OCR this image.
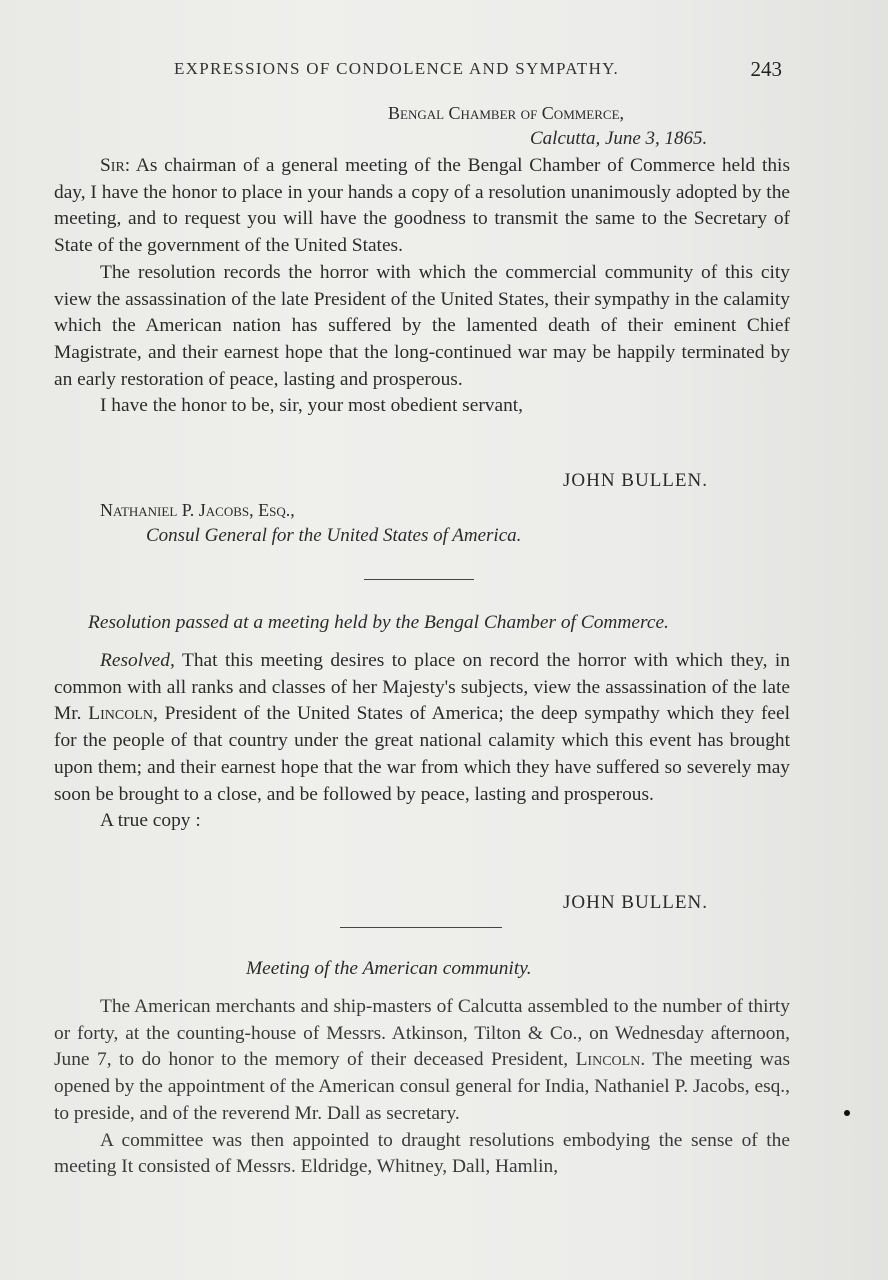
EXPRESSIONS OF CONDOLENCE AND SYMPATHY.	243
Bengal Chamber of Commerce,
Calcutta, June 3, 1865.

Sir: As chairman of a general meeting of the Bengal Chamber of Commerce held this day, I have the honor to place in your hands a copy of a resolution unanimously adopted by the meeting, and to request you will have the goodness to transmit the same to the Secretary of State of the government of the United States.

The resolution records the horror with which the commercial community of this city view the assassination of the late President of the United States, their sympathy in the calamity which the American nation has suffered by the lamented death of their eminent Chief Magistrate, and their earnest hope that the long-continued war may be happily terminated by an early restoration of peace, lasting and prosperous.

I have the honor to be, sir, your most obedient servant,

JOHN BULLEN.
Nathaniel P. Jacobs, Esq.,
Consul General for the United States of America.
Resolution passed at a meeting held by the Bengal Chamber of Commerce.

Resolved, That this meeting desires to place on record the horror with which they, in common with all ranks and classes of her Majesty's subjects, view the assassination of the late Mr. Lincoln, President of the United States of America; the deep sympathy which they feel for the people of that country under the great national calamity which this event has brought upon them; and their earnest hope that the war from which they have suffered so severely may soon be brought to a close, and be followed by peace, lasting and prosperous.

A true copy :

JOHN BULLEN.
Meeting of the American community.

The American merchants and ship-masters of Calcutta assembled to the number of thirty or forty, at the counting-house of Messrs. Atkinson, Tilton & Co., on Wednesday afternoon, June 7, to do honor to the memory of their deceased President, Lincoln. The meeting was opened by the appointment of the American consul general for India, Nathaniel P. Jacobs, esq., to preside, and of the reverend Mr. Dall as secretary.

A committee was then appointed to draught resolutions embodying the sense of the meeting It consisted of Messrs. Eldridge, Whitney, Dall, Hamlin,
